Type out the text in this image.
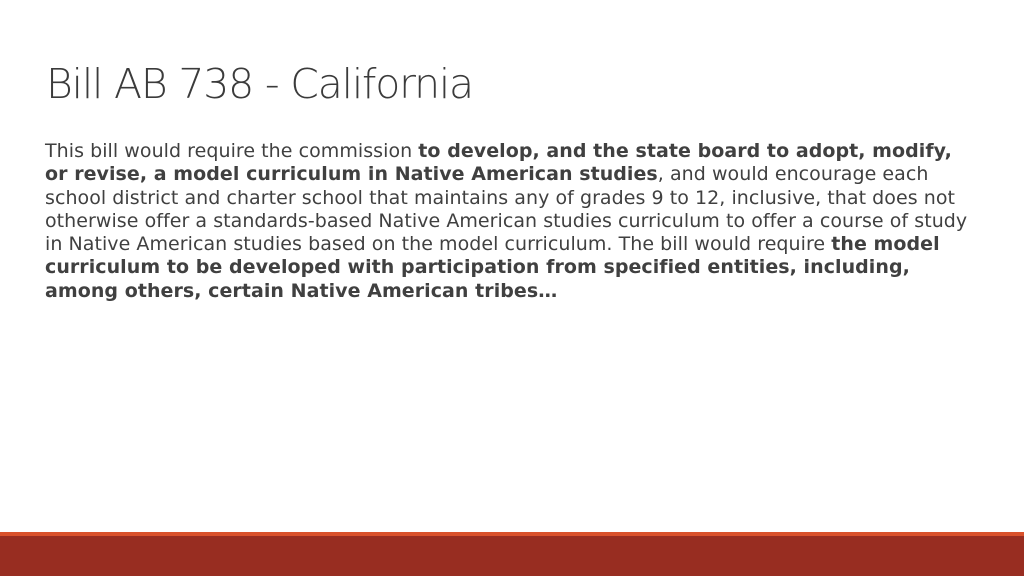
Bill AB 738 - California

This bill would require the commission to develop, and the state board to adopt, modify, or revise, a model curriculum in Native American studies, and would encourage each school district and charter school that maintains any of grades 9 to 12, inclusive, that does not otherwise offer a standards-based Native American studies curriculum to offer a course of study in Native American studies based on the model curriculum. The bill would require the model curriculum to be developed with participation from specified entities, including, among others, certain Native American tribes…
